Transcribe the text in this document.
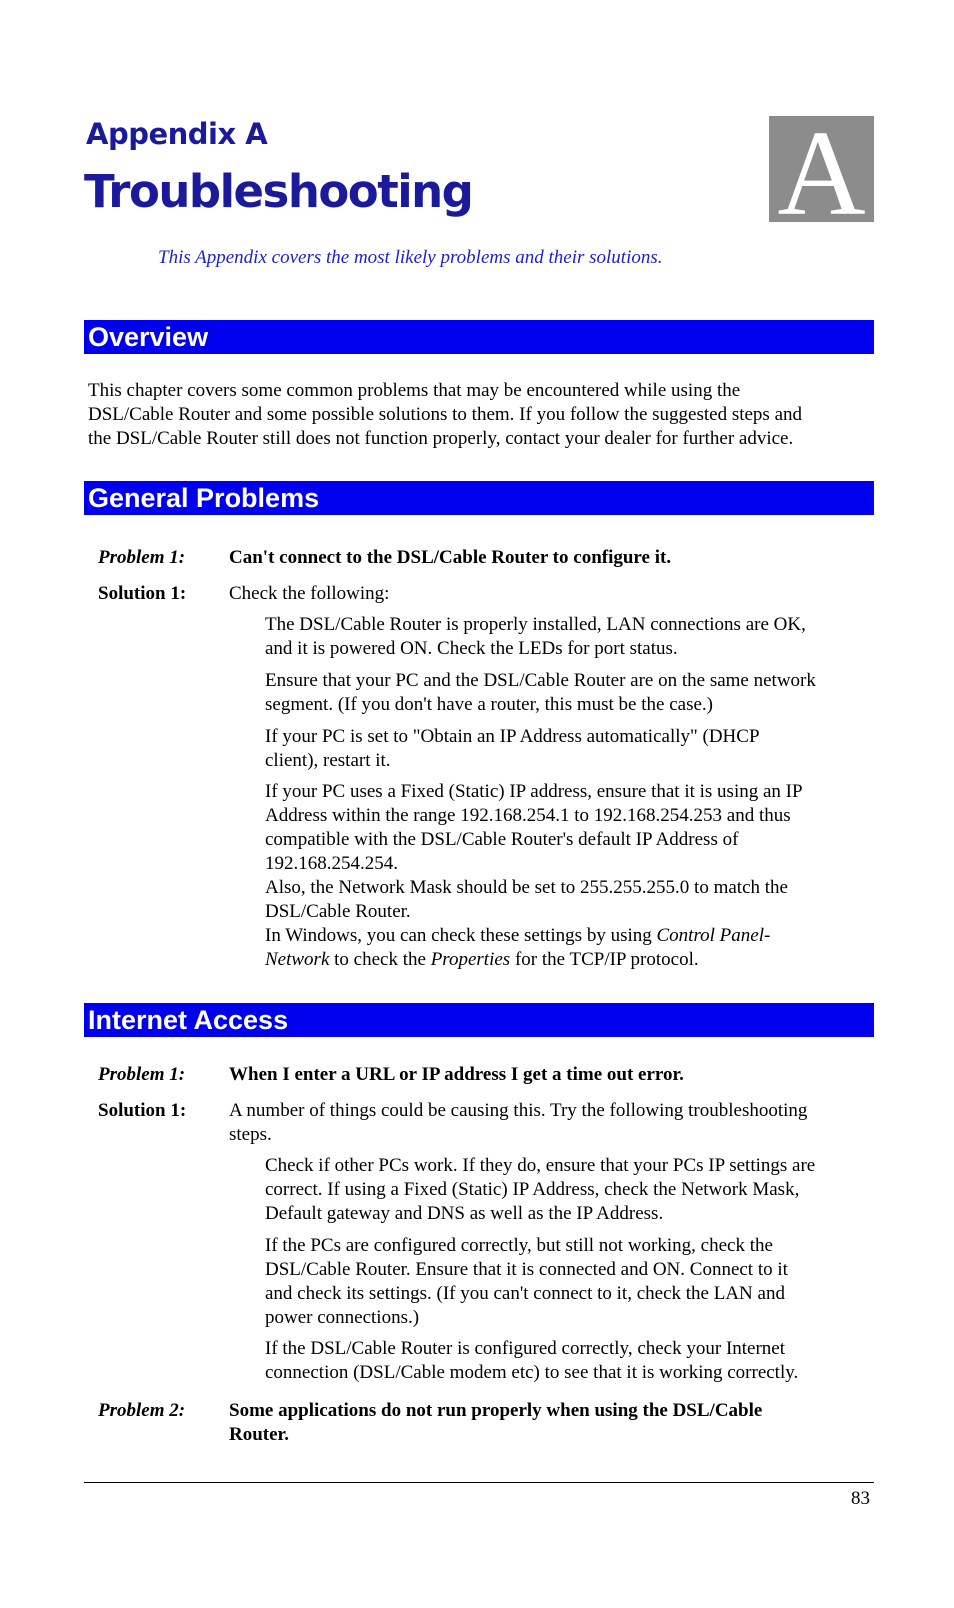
Appendix A
Troubleshooting	A
This Appendix covers the most likely problems and their solutions.
Overview
This chapter covers some common problems that may be encountered while using the
DSL/Cable Router and some possible solutions to them. If you follow the suggested steps and
the DSL/Cable Router still does not function properly, contact your dealer for further advice.
General Problems
Problem 1: Can't connect to the DSL/Cable Router to configure it.
Solution 1: Check the following:
The DSL/Cable Router is properly installed, LAN connections are OK,
and it is powered ON. Check the LEDs for port status.
Ensure that your PC and the DSL/Cable Router are on the same network
segment. (If you don't have a router, this must be the case.)
If your PC is set to "Obtain an IP Address automatically" (DHCP
client), restart it.
If your PC uses a Fixed (Static) IP address, ensure that it is using an IP
Address within the range 192.168.254.1 to 192.168.254.253 and thus
compatible with the DSL/Cable Router's default IP Address of
192.168.254.254.
Also, the Network Mask should be set to 255.255.255.0 to match the
DSL/Cable Router.
In Windows, you can check these settings by using Control Panel-
Network to check the Properties for the TCP/IP protocol.
Internet Access
Problem 1: When I enter a URL or IP address I get a time out error.
Solution 1: A number of things could be causing this. Try the following troubleshooting
steps.
Check if other PCs work. If they do, ensure that your PCs IP settings are
correct. If using a Fixed (Static) IP Address, check the Network Mask,
Default gateway and DNS as well as the IP Address.
If the PCs are configured correctly, but still not working, check the
DSL/Cable Router. Ensure that it is connected and ON. Connect to it
and check its settings. (If you can't connect to it, check the LAN and
power connections.)
If the DSL/Cable Router is configured correctly, check your Internet
connection (DSL/Cable modem etc) to see that it is working correctly.
Problem 2: Some applications do not run properly when using the DSL/Cable
Router.
83
